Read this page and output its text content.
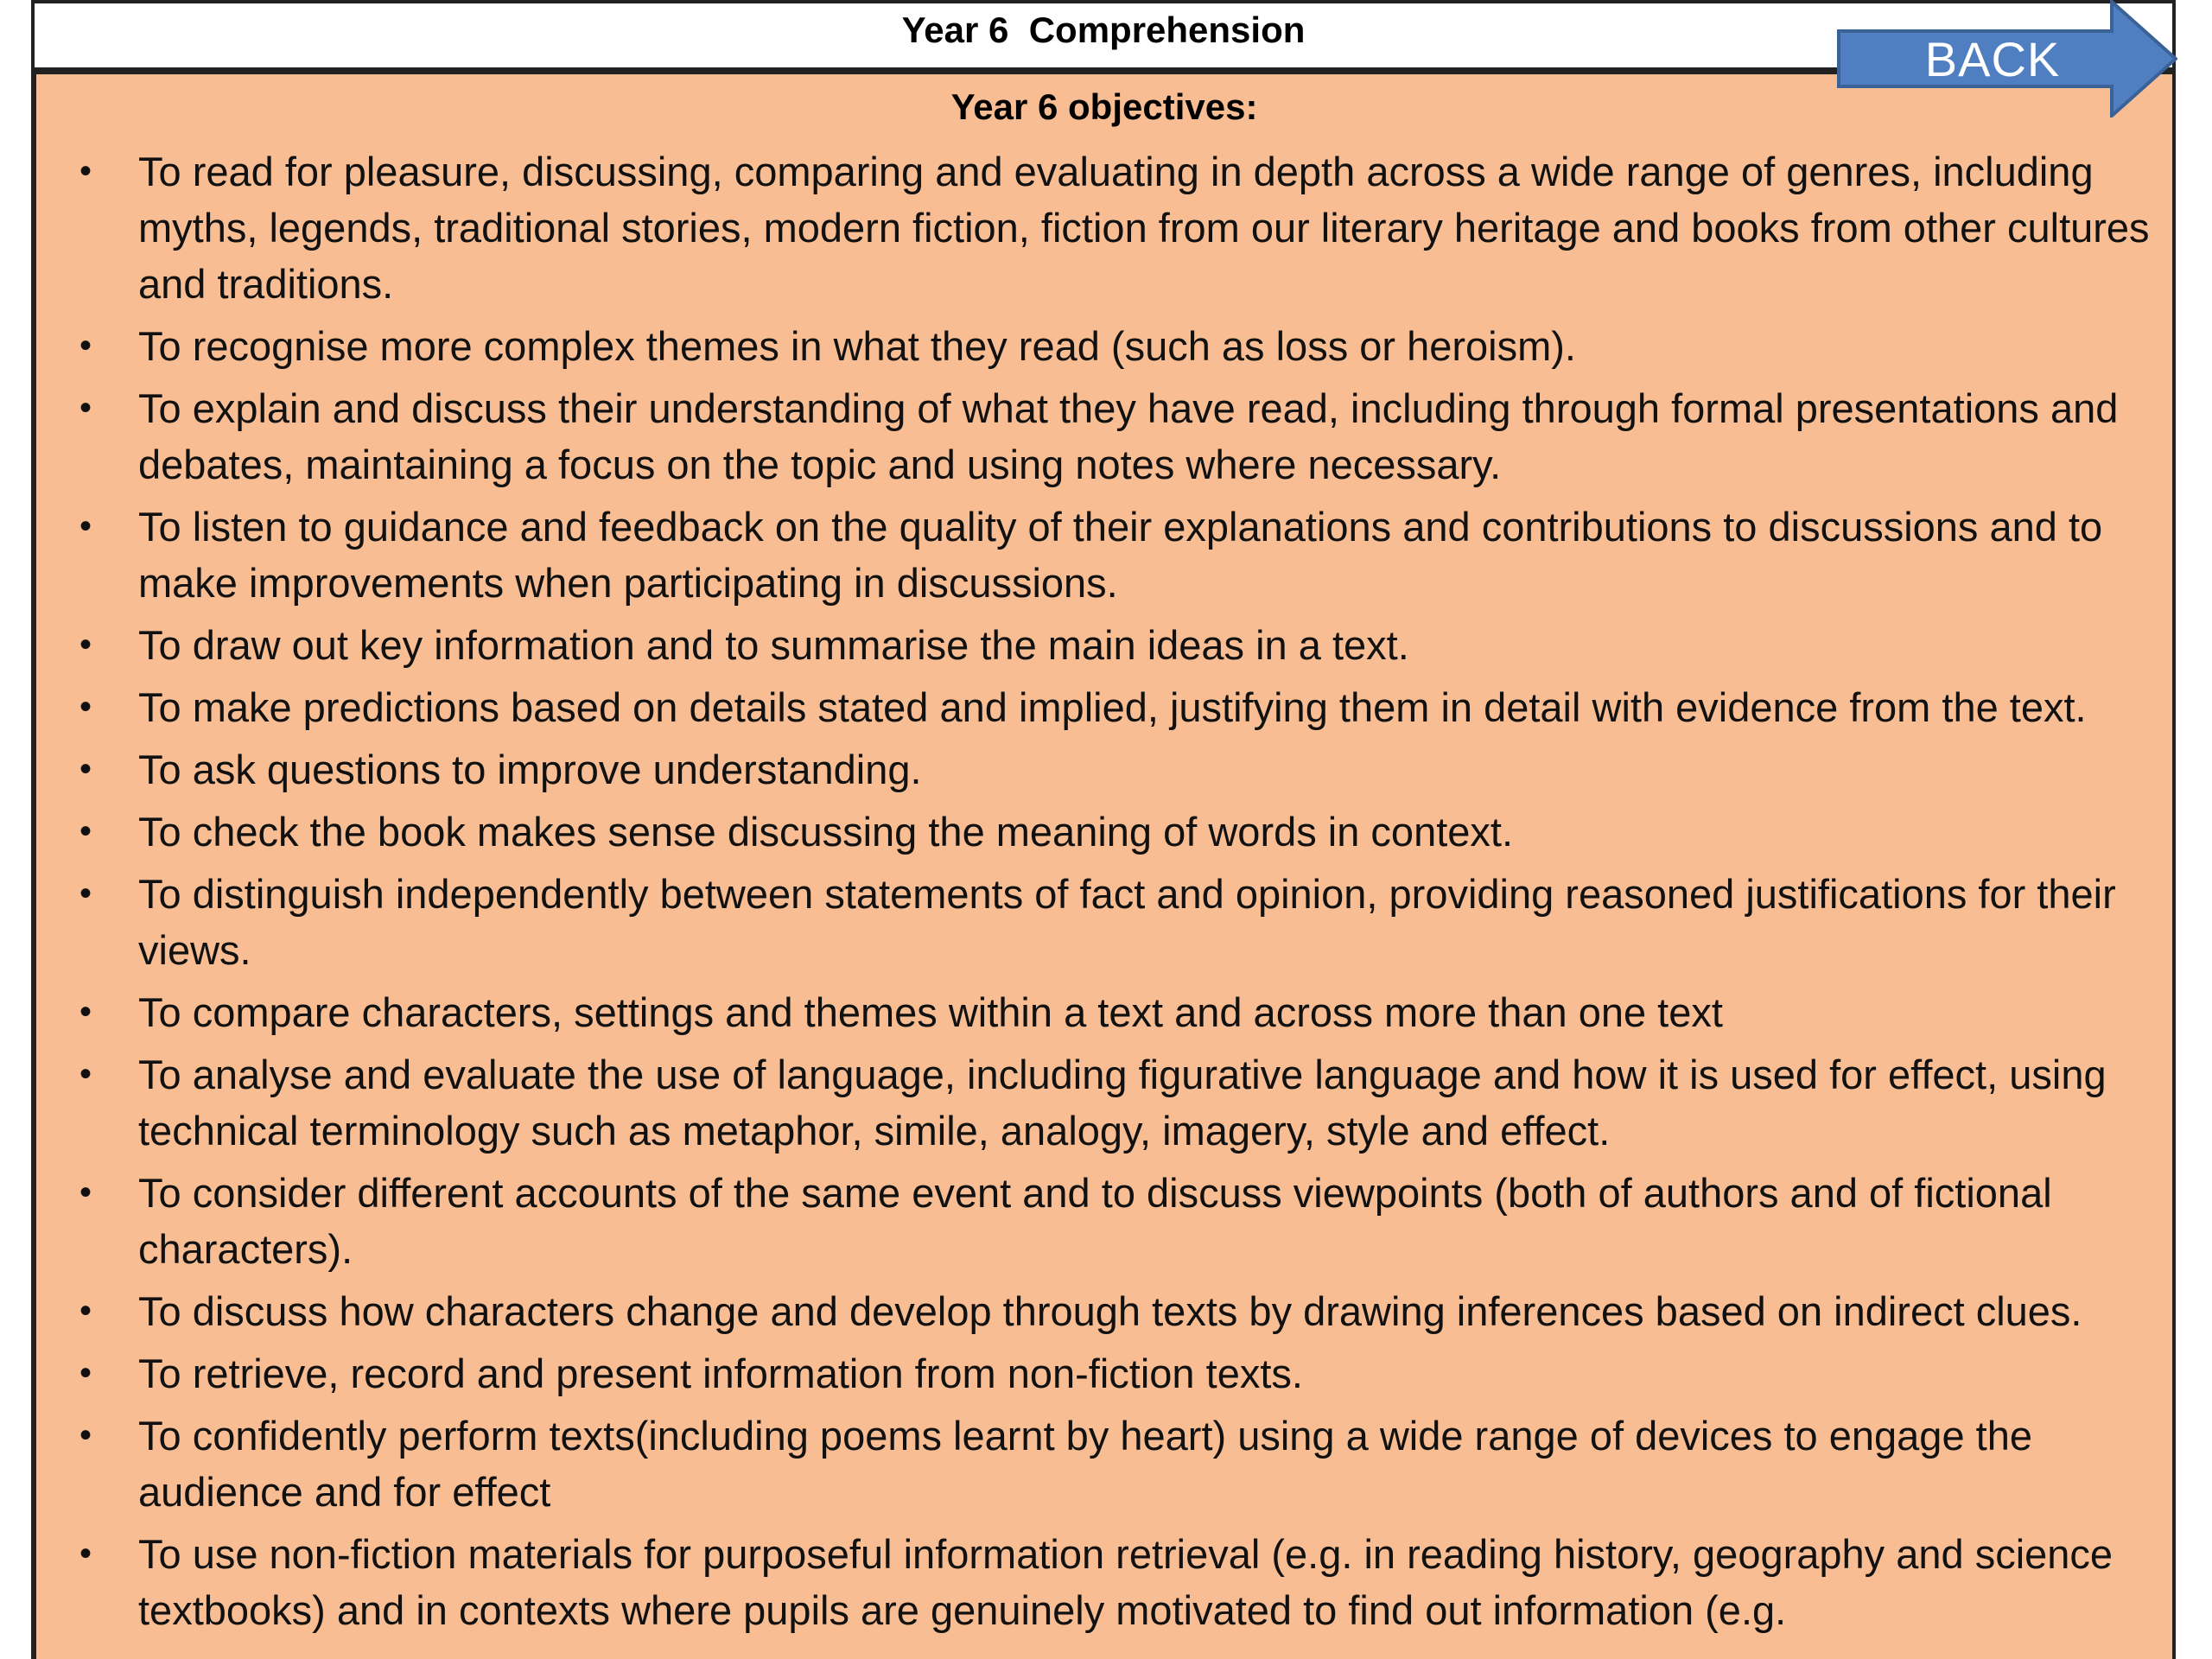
Year 6  Comprehension
Year 6 objectives:
• To read for pleasure, discussing, comparing and evaluating in depth across a wide range of genres, including myths, legends, traditional stories, modern fiction, fiction from our literary heritage and books from other cultures and traditions.
• To recognise more complex themes in what they read (such as loss or heroism).
• To explain and discuss their understanding of what they have read, including through formal presentations and debates, maintaining a focus on the topic and using notes where necessary.
• To listen to guidance and feedback on the quality of their explanations and contributions to discussions and to make improvements when participating in discussions.
• To draw out key information and to summarise the main ideas in a text.
• To make predictions based on details stated and implied, justifying them in detail with evidence from the text.
• To ask questions to improve understanding.
• To check the book makes sense discussing the meaning of words in context.
• To distinguish independently between statements of fact and opinion, providing reasoned justifications for their views.
• To compare characters, settings and themes within a text and across more than one text
• To analyse and evaluate the use of language, including figurative language and how it is used for effect, using technical terminology such as metaphor, simile, analogy, imagery, style and effect.
• To consider different accounts of the same event and to discuss viewpoints (both of authors and of fictional characters).
• To discuss how characters change and develop through texts by drawing inferences based on indirect clues.
• To retrieve, record and present information from non-fiction texts.
• To confidently perform texts(including poems learnt by heart) using a wide range of devices to engage the audience and for effect
• To use non-fiction materials for purposeful information retrieval (e.g. in reading history, geography and science textbooks) and in contexts where pupils are genuinely motivated to find out information (e.g.
BACK
